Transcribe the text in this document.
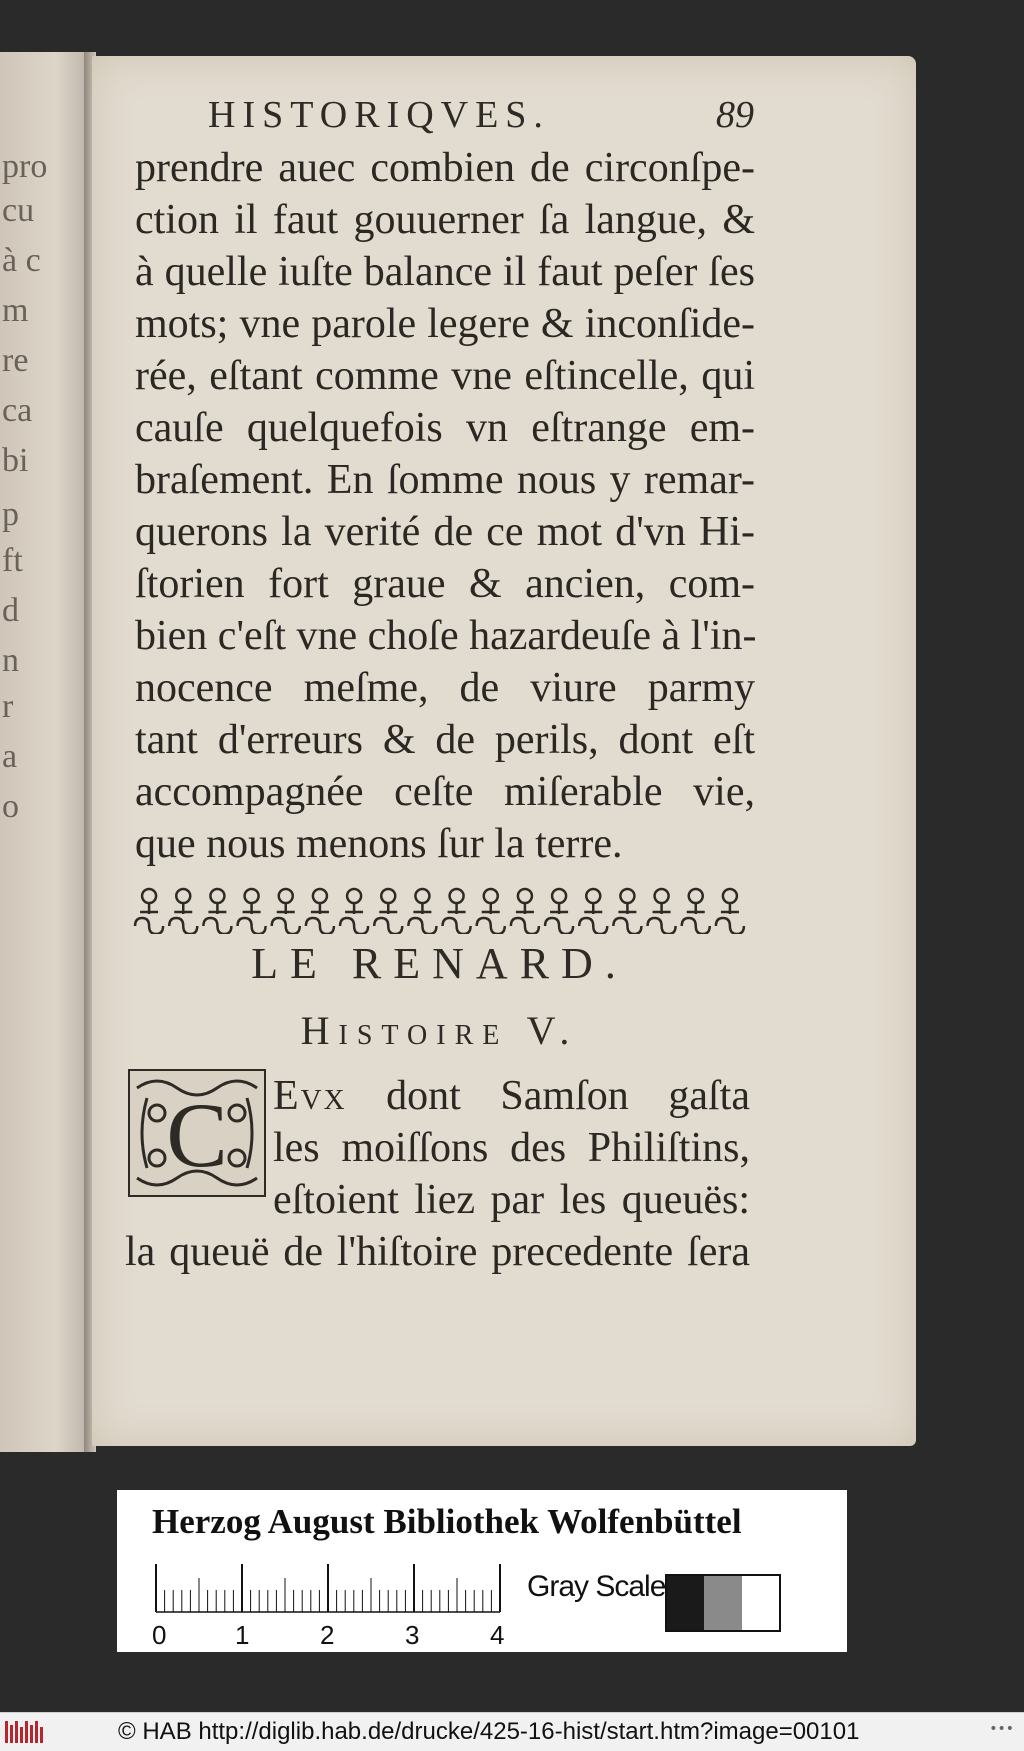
pro
cu
à c
m
re
ca
bi
p
ft
d
n
r
a
o
HISTORIQVES.	89
prendre auec combien de circonſpe-
ction il faut gouuerner ſa langue, &
à quelle iuſte balance il faut peſer ſes
mots; vne parole legere & inconſide-
rée, eſtant comme vne eſtincelle, qui
cauſe quelquefois vn eſtrange em-
braſement. En ſomme nous y remar-
querons la verité de ce mot d'vn Hi-
ſtorien fort graue & ancien, com-
bien c'eſt vne choſe hazardeuſe à l'in-
nocence meſme, de viure parmy
tant d'erreurs & de perils, dont eſt
accompagnée ceſte miſerable vie,
que nous menons ſur la terre.
LE RENARD.
Histoire V.
C	Evx dont Samſon gaſta
les moiſſons des Philiſtins,
eſtoient liez par les queuës:
la queuë de l'hiſtoire precedente ſera
Herzog August Bibliothek Wolfenbüttel
0	1	2	3	4
Gray Scale
© HAB http://diglib.hab.de/drucke/425-16-hist/start.htm?image=00101	•••
